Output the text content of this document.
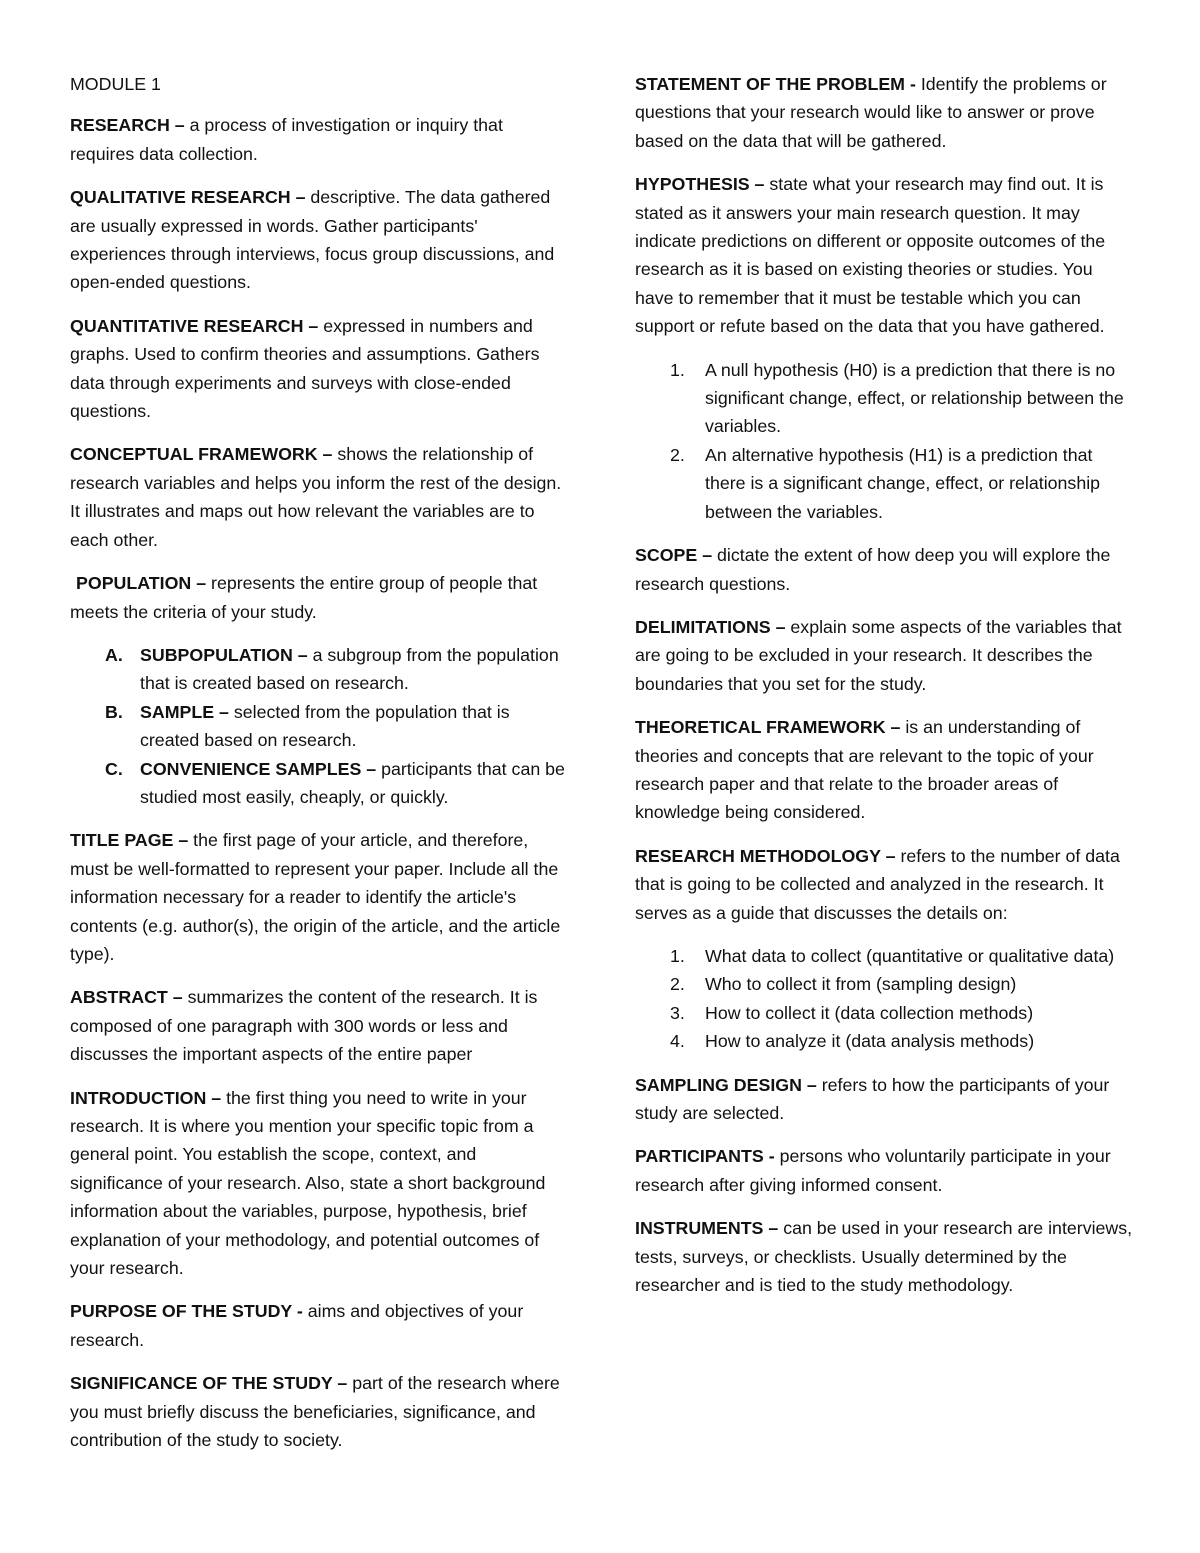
MODULE 1

RESEARCH – a process of investigation or inquiry that requires data collection.

QUALITATIVE RESEARCH – descriptive. The data gathered are usually expressed in words. Gather participants' experiences through interviews, focus group discussions, and open-ended questions.

QUANTITATIVE RESEARCH – expressed in numbers and graphs. Used to confirm theories and assumptions. Gathers data through experiments and surveys with close-ended questions.

CONCEPTUAL FRAMEWORK – shows the relationship of research variables and helps you inform the rest of the design. It illustrates and maps out how relevant the variables are to each other.

POPULATION – represents the entire group of people that meets the criteria of your study.

A. SUBPOPULATION – a subgroup from the population that is created based on research.
B. SAMPLE – selected from the population that is created based on research.
C. CONVENIENCE SAMPLES – participants that can be studied most easily, cheaply, or quickly.

TITLE PAGE – the first page of your article, and therefore, must be well-formatted to represent your paper. Include all the information necessary for a reader to identify the article's contents (e.g. author(s), the origin of the article, and the article type).

ABSTRACT – summarizes the content of the research. It is composed of one paragraph with 300 words or less and discusses the important aspects of the entire paper

INTRODUCTION – the first thing you need to write in your research. It is where you mention your specific topic from a general point. You establish the scope, context, and significance of your research. Also, state a short background information about the variables, purpose, hypothesis, brief explanation of your methodology, and potential outcomes of your research.

PURPOSE OF THE STUDY - aims and objectives of your research.

SIGNIFICANCE OF THE STUDY – part of the research where you must briefly discuss the beneficiaries, significance, and contribution of the study to society.

STATEMENT OF THE PROBLEM - Identify the problems or questions that your research would like to answer or prove based on the data that will be gathered.

HYPOTHESIS – state what your research may find out. It is stated as it answers your main research question. It may indicate predictions on different or opposite outcomes of the research as it is based on existing theories or studies. You have to remember that it must be testable which you can support or refute based on the data that you have gathered.

1. A null hypothesis (H0) is a prediction that there is no significant change, effect, or relationship between the variables.
2. An alternative hypothesis (H1) is a prediction that there is a significant change, effect, or relationship between the variables.

SCOPE – dictate the extent of how deep you will explore the research questions.

DELIMITATIONS – explain some aspects of the variables that are going to be excluded in your research. It describes the boundaries that you set for the study.

THEORETICAL FRAMEWORK – is an understanding of theories and concepts that are relevant to the topic of your research paper and that relate to the broader areas of knowledge being considered.

RESEARCH METHODOLOGY – refers to the number of data that is going to be collected and analyzed in the research. It serves as a guide that discusses the details on:

1. What data to collect (quantitative or qualitative data)
2. Who to collect it from (sampling design)
3. How to collect it (data collection methods)
4. How to analyze it (data analysis methods)

SAMPLING DESIGN – refers to how the participants of your study are selected.

PARTICIPANTS - persons who voluntarily participate in your research after giving informed consent.

INSTRUMENTS – can be used in your research are interviews, tests, surveys, or checklists. Usually determined by the researcher and is tied to the study methodology.
